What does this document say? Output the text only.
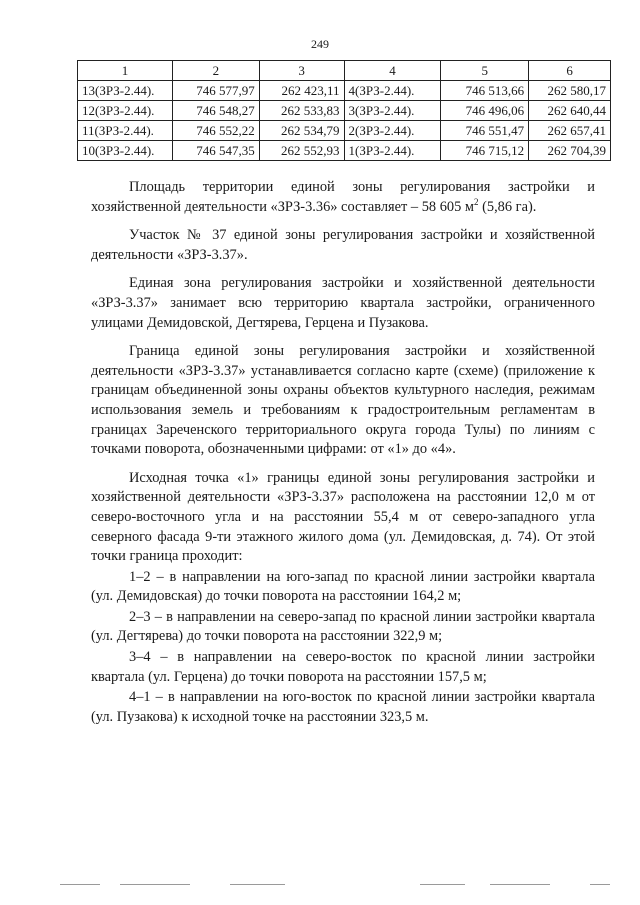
249
1	2	3	4	5	6
13(ЗРЗ-2.44).	746 577,97	262 423,11	4(ЗРЗ-2.44).	746 513,66	262 580,17
12(ЗРЗ-2.44).	746 548,27	262 533,83	3(ЗРЗ-2.44).	746 496,06	262 640,44
11(ЗРЗ-2.44).	746 552,22	262 534,79	2(ЗРЗ-2.44).	746 551,47	262 657,41
10(ЗРЗ-2.44).	746 547,35	262 552,93	1(ЗРЗ-2.44).	746 715,12	262 704,39

Площадь территории единой зоны регулирования застройки и хозяйственной деятельности «ЗРЗ-3.36» составляет – 58 605 $м^2$ (5,86 га).

Участок № 37 единой зоны регулирования застройки и хозяйственной деятельности «ЗРЗ-3.37».

Единая зона регулирования застройки и хозяйственной деятельности «ЗРЗ-3.37» занимает всю территорию квартала застройки, ограниченного улицами Демидовской, Дегтярева, Герцена и Пузакова.

Граница единой зоны регулирования застройки и хозяйственной деятельности «ЗРЗ-3.37» устанавливается согласно карте (схеме) (приложение к границам объединенной зоны охраны объектов культурного наследия, режимам использования земель и требованиям к градостроительным регламентам в границах Зареченского территориального округа города Тулы) по линиям с точками поворота, обозначенными цифрами: от «1» до «4».

Исходная точка «1» границы единой зоны регулирования застройки и хозяйственной деятельности «ЗРЗ-3.37» расположена на расстоянии 12,0 м от северо-восточного угла и на расстоянии 55,4 м от северо-западного угла северного фасада 9-ти этажного жилого дома (ул. Демидовская, д. 74). От этой точки граница проходит:

1–2 – в направлении на юго-запад по красной линии застройки квартала (ул. Демидовская) до точки поворота на расстоянии 164,2 м;

2–3 – в направлении на северо-запад по красной линии застройки квартала (ул. Дегтярева) до точки поворота на расстоянии 322,9 м;

3–4 – в направлении на северо-восток по красной линии застройки квартала (ул. Герцена) до точки поворота на расстоянии 157,5 м;

4–1 – в направлении на юго-восток по красной линии застройки квартала (ул. Пузакова) к исходной точке на расстоянии 323,5 м.
